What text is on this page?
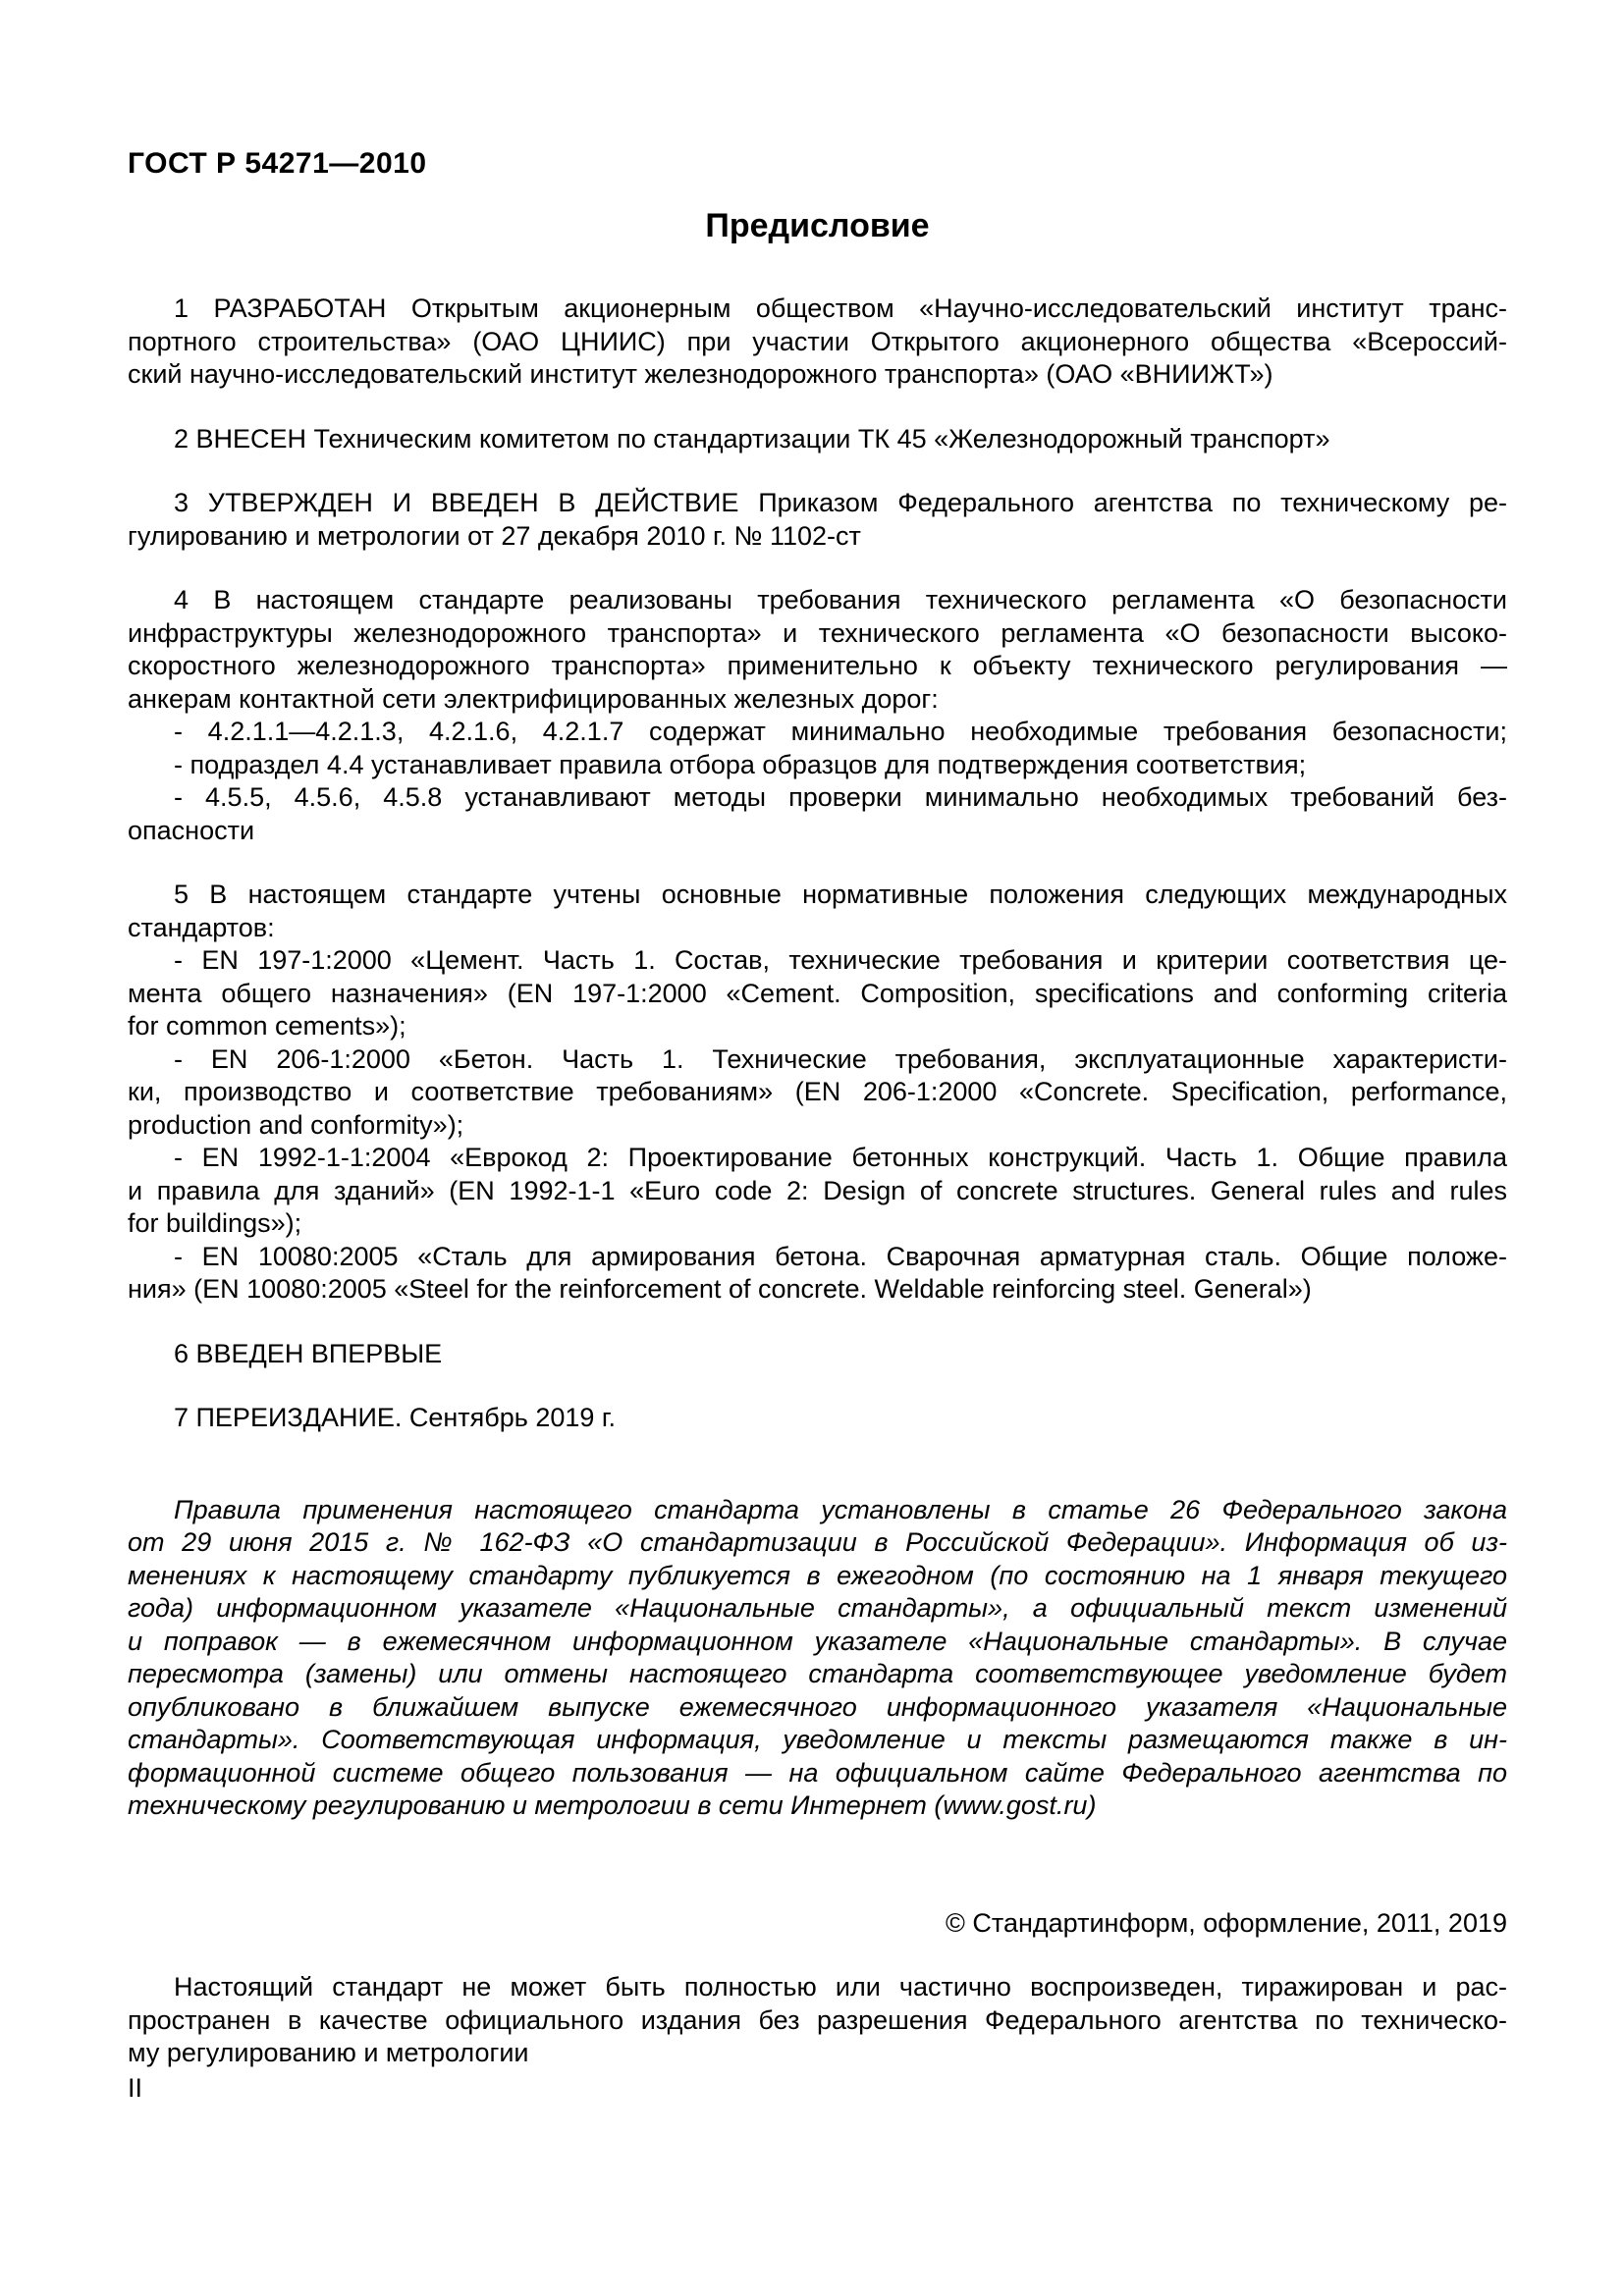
ГОСТ Р 54271—2010
Предисловие
1 РАЗРАБОТАН Открытым акционерным обществом «Научно-исследовательский институт транс-
портного строительства» (ОАО ЦНИИС) при участии Открытого акционерного общества «Всероссий-
ский научно-исследовательский институт железнодорожного транспорта» (ОАО «ВНИИЖТ»)
2 ВНЕСЕН Техническим комитетом по стандартизации ТК 45 «Железнодорожный транспорт»
3 УТВЕРЖДЕН И ВВЕДЕН В ДЕЙСТВИЕ Приказом Федерального агентства по техническому ре-
гулированию и метрологии от 27 декабря 2010 г. № 1102-ст
4 В настоящем стандарте реализованы требования технического регламента «О безопасности
инфраструктуры железнодорожного транспорта» и технического регламента «О безопасности высоко-
скоростного железнодорожного транспорта» применительно к объекту технического регулирования —
анкерам контактной сети электрифицированных железных дорог:
- 4.2.1.1—4.2.1.3, 4.2.1.6, 4.2.1.7 содержат минимально необходимые требования безопасности;
- подраздел 4.4 устанавливает правила отбора образцов для подтверждения соответствия;
- 4.5.5, 4.5.6, 4.5.8 устанавливают методы проверки минимально необходимых требований без-
опасности
5 В настоящем стандарте учтены основные нормативные положения следующих международных
стандартов:
- EN 197-1:2000 «Цемент. Часть 1. Состав, технические требования и критерии соответствия це-
мента общего назначения» (EN 197-1:2000 «Cement. Composition, specifications and conforming criteria
for common cements»);
- EN 206-1:2000 «Бетон. Часть 1. Технические требования, эксплуатационные характеристи-
ки, производство и соответствие требованиям» (EN 206-1:2000 «Concrete. Specification, performance,
production and conformity»);
- EN 1992-1-1:2004 «Еврокод 2: Проектирование бетонных конструкций. Часть 1. Общие правила
и правила для зданий» (EN 1992-1-1 «Euro code 2: Design of concrete structures. General rules and rules
for buildings»);
- EN 10080:2005 «Сталь для армирования бетона. Сварочная арматурная сталь. Общие положе-
ния» (EN 10080:2005 «Steel for the reinforcement of concrete. Weldable reinforcing steel. General»)
6 ВВЕДЕН ВПЕРВЫЕ
7 ПЕРЕИЗДАНИЕ. Сентябрь 2019 г.
Правила применения настоящего стандарта установлены в статье 26 Федерального закона
от 29 июня 2015 г. № 162-ФЗ «О стандартизации в Российской Федерации». Информация об из-
менениях к настоящему стандарту публикуется в ежегодном (по состоянию на 1 января текущего
года) информационном указателе «Национальные стандарты», а официальный текст изменений
и поправок — в ежемесячном информационном указателе «Национальные стандарты». В случае
пересмотра (замены) или отмены настоящего стандарта соответствующее уведомление будет
опубликовано в ближайшем выпуске ежемесячного информационного указателя «Национальные
стандарты». Соответствующая информация, уведомление и тексты размещаются также в ин-
формационной системе общего пользования — на официальном сайте Федерального агентства по
техническому регулированию и метрологии в сети Интернет (www.gost.ru)
© Стандартинформ, оформление, 2011, 2019
Настоящий стандарт не может быть полностью или частично воспроизведен, тиражирован и рас-
пространен в качестве официального издания без разрешения Федерального агентства по техническо-
му регулированию и метрологии
II
